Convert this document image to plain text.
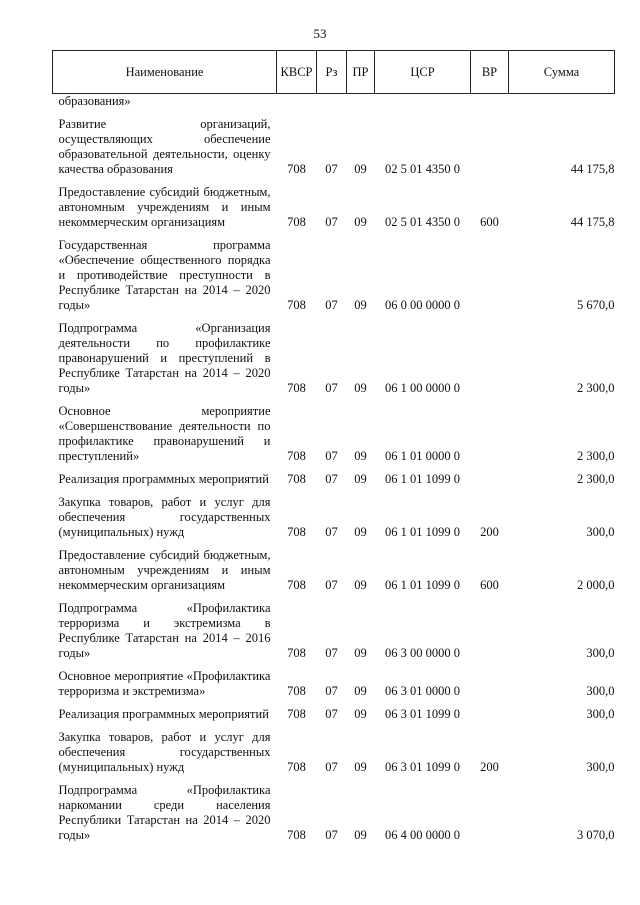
53
Наименование	КВСР	Рз	ПР	ЦСР	ВР	Сумма
образования»						

Развитие организаций, осуществляющих обеспечение образовательной деятельности, оценку качества образования	708	07	09	02 5 01 4350 0		44 175,8

Предоставление субсидий бюджетным, автономным учреждениям и иным некоммерческим организациям	708	07	09	02 5 01 4350 0	600	44 175,8

Государственная программа «Обеспечение общественного порядка и противодействие преступности в Республике Татарстан на 2014 – 2020 годы»	708	07	09	06 0 00 0000 0		5 670,0

Подпрограмма «Организация деятельности по профилактике правонарушений и преступлений в Республике Татарстан на 2014 – 2020 годы»	708	07	09	06 1 00 0000 0		2 300,0

Основное мероприятие «Совершенствование деятельности по профилактике правонарушений и преступлений»	708	07	09	06 1 01 0000 0		2 300,0

Реализация программных мероприятий	708	07	09	06 1 01 1099 0		2 300,0

Закупка товаров, работ и услуг для обеспечения государственных (муниципальных) нужд	708	07	09	06 1 01 1099 0	200	300,0

Предоставление субсидий бюджетным, автономным учреждениям и иным некоммерческим организациям	708	07	09	06 1 01 1099 0	600	2 000,0

Подпрограмма «Профилактика терроризма и экстремизма в Республике Татарстан на 2014 – 2016 годы»	708	07	09	06 3 00 0000 0		300,0

Основное мероприятие «Профилактика терроризма и экстремизма»	708	07	09	06 3 01 0000 0		300,0

Реализация программных мероприятий	708	07	09	06 3 01 1099 0		300,0

Закупка товаров, работ и услуг для обеспечения государственных (муниципальных) нужд	708	07	09	06 3 01 1099 0	200	300,0

Подпрограмма «Профилактика наркомании среди населения Республики Татарстан на 2014 – 2020 годы»	708	07	09	06 4 00 0000 0		3 070,0
